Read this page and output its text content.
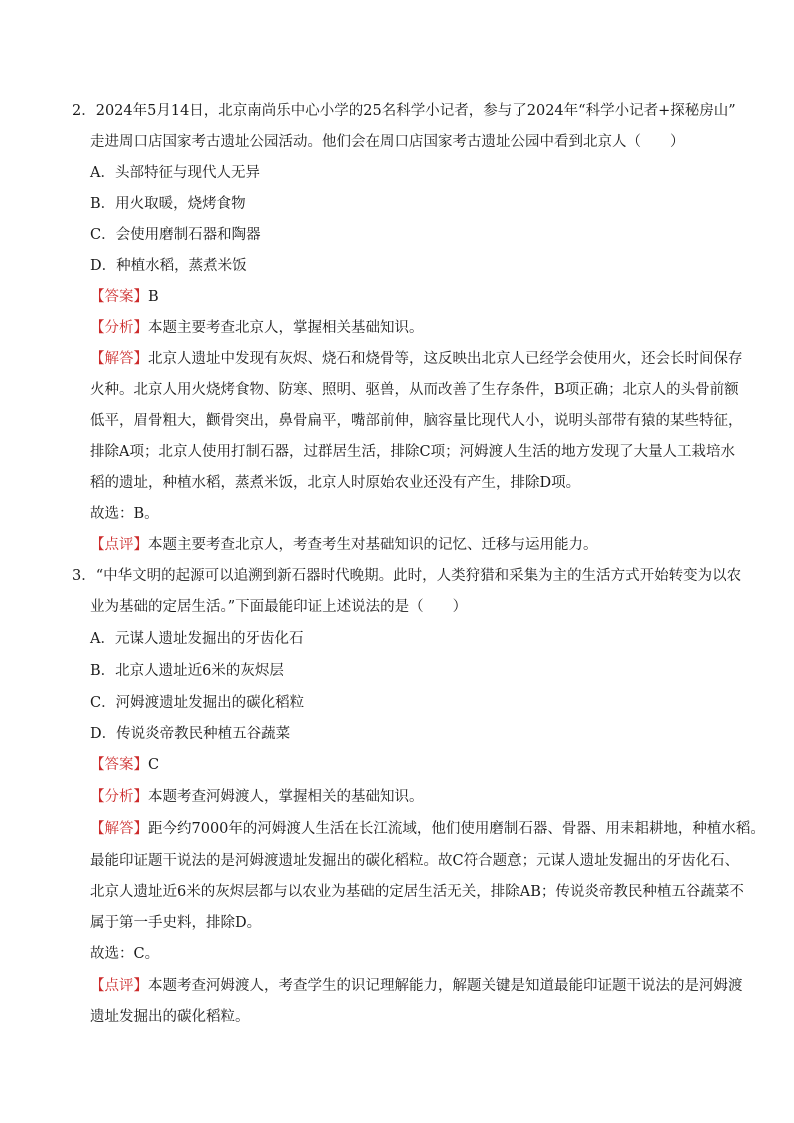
2．2024年5月14日，北京南尚乐中心小学的25名科学小记者，参与了2024年“科学小记者+探秘房山”
走进周口店国家考古遗址公园活动。他们会在周口店国家考古遗址公园中看到北京人（　　）
A．头部特征与现代人无异
B．用火取暖，烧烤食物
C．会使用磨制石器和陶器
D．种植水稻，蒸煮米饭
【答案】B
【分析】本题主要考查北京人，掌握相关基础知识。
【解答】北京人遗址中发现有灰烬、烧石和烧骨等，这反映出北京人已经学会使用火，还会长时间保存
火种。北京人用火烧烤食物、防寒、照明、驱兽，从而改善了生存条件，B项正确；北京人的头骨前额
低平，眉骨粗大，颧骨突出，鼻骨扁平，嘴部前伸，脑容量比现代人小，说明头部带有猿的某些特征，
排除A项；北京人使用打制石器，过群居生活，排除C项；河姆渡人生活的地方发现了大量人工栽培水
稻的遗址，种植水稻，蒸煮米饭，北京人时原始农业还没有产生，排除D项。
故选：B。
【点评】本题主要考查北京人，考查考生对基础知识的记忆、迁移与运用能力。
3．“中华文明的起源可以追溯到新石器时代晚期。此时，人类狩猎和采集为主的生活方式开始转变为以农
业为基础的定居生活。”下面最能印证上述说法的是（　　）
A．元谋人遗址发掘出的牙齿化石
B．北京人遗址近6米的灰烬层
C．河姆渡遗址发掘出的碳化稻粒
D．传说炎帝教民种植五谷蔬菜
【答案】C
【分析】本题考查河姆渡人，掌握相关的基础知识。
【解答】距今约7000年的河姆渡人生活在长江流域，他们使用磨制石器、骨器、用耒耜耕地，种植水稻。
最能印证题干说法的是河姆渡遗址发掘出的碳化稻粒。故C符合题意；元谋人遗址发掘出的牙齿化石、
北京人遗址近6米的灰烬层都与以农业为基础的定居生活无关，排除AB；传说炎帝教民种植五谷蔬菜不
属于第一手史料，排除D。
故选：C。
【点评】本题考查河姆渡人，考查学生的识记理解能力，解题关键是知道最能印证题干说法的是河姆渡
遗址发掘出的碳化稻粒。
